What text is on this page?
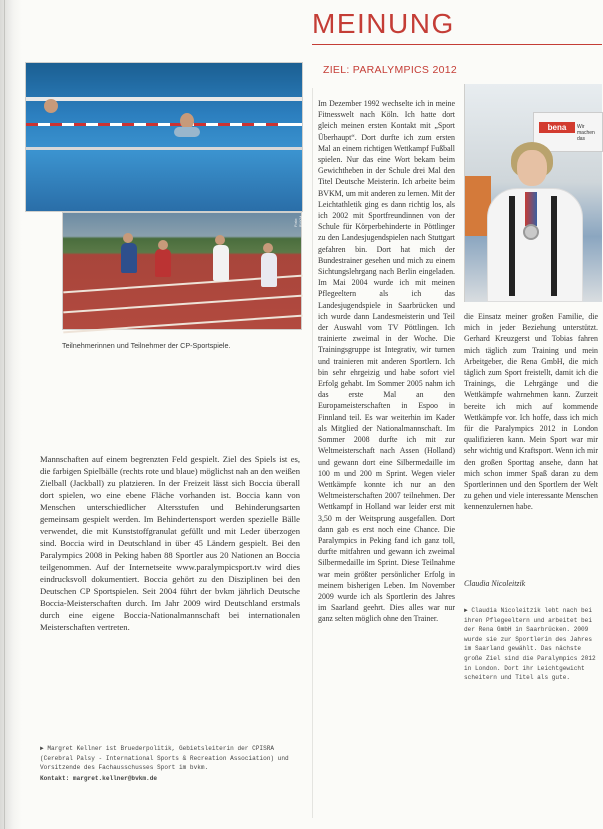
Foto: BVKM
Teilnehmerinnen und Teilnehmer der CP-Sportspiele.
Mannschaften auf einem begrenzten Feld gespielt. Ziel des Spiels ist es, die farbigen Spielbälle (rechts rote und blaue) möglichst nah an den weißen Zielball (Jackball) zu platzieren. In der Freizeit lässt sich Boccia überall dort spielen, wo eine ebene Fläche vorhanden ist. Boccia kann von Menschen unterschiedlicher Altersstufen und Behinderungsarten gemeinsam gespielt werden. Im Behindertensport werden spezielle Bälle verwendet, die mit Kunststoffgranulat gefüllt und mit Leder überzogen sind. Boccia wird in Deutschland in über 45 Ländern gespielt. Bei den Paralympics 2008 in Peking haben 88 Sportler aus 20 Nationen an Boccia teilgenommen. Auf der Internetseite www.paralympicsport.tv wird dies eindrucksvoll dokumentiert. Boccia gehört zu den Disziplinen bei den Deutschen CP Sportspielen. Seit 2004 führt der bvkm jährlich Deutsche Boccia-Meisterschaften durch. Im Jahr 2009 wird Deutschland erstmals durch eine eigene Boccia-Nationalmannschaft bei internationalen Meisterschaften vertreten.
► Margret Kellner ist Bruederpolitik, Gebietsleiterin der CPISRA (Cerebral Palsy - International Sports & Recreation Association) und Vorsitzende des Fachausschusses Sport im bvkm.
Kontakt: margret.kellner@bvkm.de
MEINUNG
ZIEL: PARALYMPICS 2012
bena	Wir machen das
Im Dezember 1992 wechselte ich in meine Fitnesswelt nach Köln. Ich hatte dort gleich meinen ersten Kontakt mit „Sport Überhaupt“. Dort durfte ich zum ersten Mal an einem richtigen Wettkampf Fußball spielen. Nur das eine Wort bekam beim Gewichtheben in der Schule drei Mal den Titel Deutsche Meisterin. Ich arbeite beim BVKM, um mit anderen zu lernen. Mit der Leichtathletik ging es dann richtig los, als ich 2002 mit Sportfreundinnen von der Schule für Körperbehinderte in Pöttlinger zu den Landesjugendspielen nach Stuttgart gefahren bin. Dort hat mich der Bundestrainer gesehen und mich zu einem Sichtungslehrgang nach Berlin eingeladen. Im Mai 2004 wurde ich mit meinen Pflegeeltern als ich das Landesjugendspiele in Saarbrücken und ich wurde dann Landesmeisterin und Teil der Auswahl vom TV Pöttlingen. Ich trainierte zweimal in der Woche. Die Trainingsgruppe ist Integrativ, wir turnen und trainieren mit anderen Sportlern. Ich bin sehr ehrgeizig und habe sofort viel Erfolg gehabt. Im Sommer 2005 nahm ich das erste Mal an den Europameisterschaften in Espoo in Finnland teil. Es war weiterhin im Kader als Mitglied der Nationalmannschaft. Im Sommer 2008 durfte ich mit zur Weltmeisterschaft nach Assen (Holland) und gewann dort eine Silbermedaille im 100 m und 200 m Sprint. Wegen vieler Wettkämpfe konnte ich nur an den Weltmeisterschaften 2007 teilnehmen. Der Wettkampf in Holland war leider erst mit 3,50 m der Weitsprung ausgefallen. Dort dann gab es erst noch eine Chance. Die Paralympics in Peking fand ich ganz toll, durfte mitfahren und gewann ich zweimal Silbermedaille im Sprint. Diese Teilnahme war mein größter persönlicher Erfolg in meinem bisherigen Leben. Im November 2009 wurde ich als Sportlerin des Jahres im Saarland geehrt. Dies alles war nur ganz selten möglich ohne den Trainer.
die Einsatz meiner großen Familie, die mich in jeder Beziehung unterstützt. Gerhard Kreuzgerst und Tobias fahren mich täglich zum Training und mein Arbeitgeber, die Rena GmbH, die mich täglich zum Sport freistellt, damit ich die Trainings, die Lehrgänge und die Wettkämpfe wahrnehmen kann. Zurzeit bereite ich mich auf kommende Wettkämpfe vor. Ich hoffe, dass ich mich für die Paralympics 2012 in London qualifizieren kann. Mein Sport war mir sehr wichtig und Kraftsport. Wenn ich mir den großen Sporttag ansehe, dann hat mich schon immer Spaß daran zu dem Sportlerinnen und den Sportlern der Welt zu gehen und viele interessante Menschen kennenzulernen habe.
Claudia Nicoleitzik
► Claudia Nicoleitzik lebt nach bei ihren Pflegeeltern und arbeitet bei der Rena GmbH in Saarbrücken. 2009 wurde sie zur Sportlerin des Jahres im Saarland gewählt. Das nächste große Ziel sind die Paralympics 2012 in London. Dort ihr Leichtgewicht scheitern und Titel als gute.
